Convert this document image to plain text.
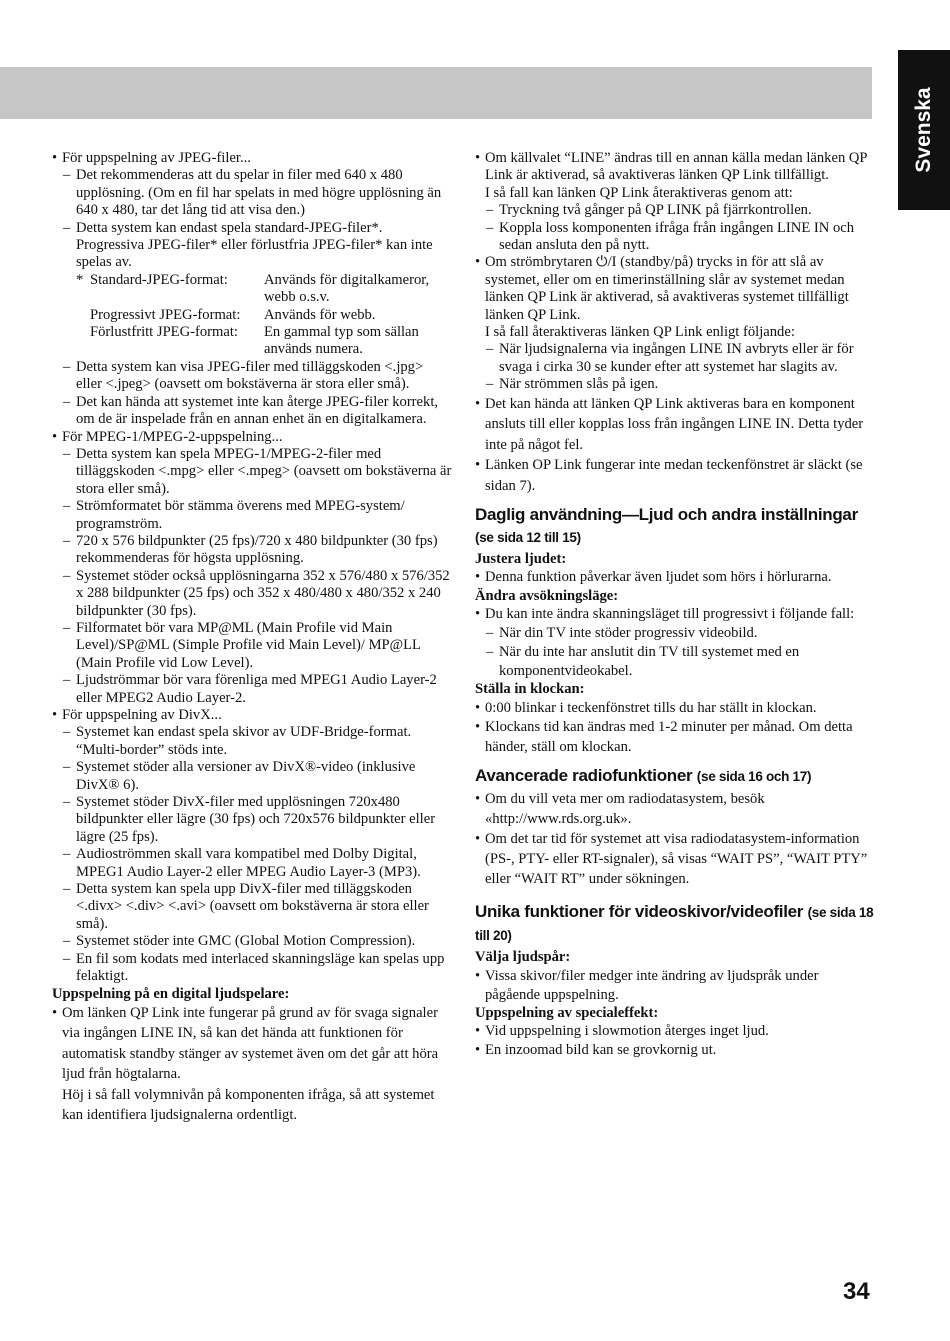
Svenska

• För uppspelning av JPEG-filer...

– Det rekommenderas att du spelar in filer med 640 x 480 upplösning. (Om en fil har spelats in med högre upplösning än 640 x 480, tar det lång tid att visa den.)

– Detta system kan endast spela standard-JPEG-filer*. Progressiva JPEG-filer* eller förlustfria JPEG-filer* kan inte spelas av.

* Standard-JPEG-format:	Används för digitalkameror, webb o.s.v.
Progressivt JPEG-format:	Används för webb.
Förlustfritt JPEG-format:	En gammal typ som sällan används numera.

– Detta system kan visa JPEG-filer med tilläggskoden <.jpg> eller <.jpeg> (oavsett om bokstäverna är stora eller små).

– Det kan hända att systemet inte kan återge JPEG-filer korrekt, om de är inspelade från en annan enhet än en digitalkamera.

• För MPEG-1/MPEG-2-uppspelning...

– Detta system kan spela MPEG-1/MPEG-2-filer med tilläggskoden <.mpg> eller <.mpeg> (oavsett om bokstäverna är stora eller små).

– Strömformatet bör stämma överens med MPEG-system/ programström.

– 720 x 576 bildpunkter (25 fps)/720 x 480 bildpunkter (30 fps) rekommenderas för högsta upplösning.

– Systemet stöder också upplösningarna 352 x 576/480 x 576/352 x 288 bildpunkter (25 fps) och 352 x 480/480 x 480/352 x 240 bildpunkter (30 fps).

– Filformatet bör vara MP@ML (Main Profile vid Main Level)/SP@ML (Simple Profile vid Main Level)/ MP@LL (Main Profile vid Low Level).

– Ljudströmmar bör vara förenliga med MPEG1 Audio Layer-2 eller MPEG2 Audio Layer-2.

• För uppspelning av DivX...

– Systemet kan endast spela skivor av UDF-Bridge-format. “Multi-border” stöds inte.

– Systemet stöder alla versioner av DivX®-video (inklusive DivX® 6).

– Systemet stöder DivX-filer med upplösningen 720x480 bildpunkter eller lägre (30 fps) och 720x576 bildpunkter eller lägre (25 fps).

– Audioströmmen skall vara kompatibel med Dolby Digital, MPEG1 Audio Layer-2 eller MPEG Audio Layer-3 (MP3).

– Detta system kan spela upp DivX-filer med tilläggskoden <.divx> <.div> <.avi> (oavsett om bokstäverna är stora eller små).

– Systemet stöder inte GMC (Global Motion Compression).

– En fil som kodats med interlaced skanningsläge kan spelas upp felaktigt.

Uppspelning på en digital ljudspelare:

• Om länken QP Link inte fungerar på grund av för svaga signaler via ingången LINE IN, så kan det hända att funktionen för automatisk standby stänger av systemet även om det går att höra ljud från högtalarna.

Höj i så fall volymnivån på komponenten ifråga, så att systemet kan identifiera ljudsignalerna ordentligt.

• Om källvalet “LINE” ändras till en annan källa medan länken QP Link är aktiverad, så avaktiveras länken QP Link tillfälligt.

I så fall kan länken QP Link återaktiveras genom att:

– Tryckning två gånger på QP LINK på fjärrkontrollen.

– Koppla loss komponenten ifråga från ingången LINE IN och sedan ansluta den på nytt.

• Om strömbrytaren ⏻/I (standby/på) trycks in för att slå av systemet, eller om en timerinställning slår av systemet medan länken QP Link är aktiverad, så avaktiveras systemet tillfälligt länken QP Link.

I så fall återaktiveras länken QP Link enligt följande:

– När ljudsignalerna via ingången LINE IN avbryts eller är för svaga i cirka 30 se kunder efter att systemet har slagits av.

– När strömmen slås på igen.

• Det kan hända att länken QP Link aktiveras bara en komponent ansluts till eller kopplas loss från ingången LINE IN. Detta tyder inte på något fel.

• Länken OP Link fungerar inte medan teckenfönstret är släckt (se sidan 7).

Daglig användning—Ljud och andra inställningar (se sida 12 till 15)

Justera ljudet:

• Denna funktion påverkar även ljudet som hörs i hörlurarna.

Ändra avsökningsläge:

• Du kan inte ändra skanningsläget till progressivt i följande fall:

– När din TV inte stöder progressiv videobild.

– När du inte har anslutit din TV till systemet med en komponentvideokabel.

Ställa in klockan:

• 0:00 blinkar i teckenfönstret tills du har ställt in klockan.

• Klockans tid kan ändras med 1-2 minuter per månad. Om detta händer, ställ om klockan.

Avancerade radiofunktioner (se sida 16 och 17)

• Om du vill veta mer om radiodatasystem, besök «http://www.rds.org.uk».

• Om det tar tid för systemet att visa radiodatasystem-information (PS-, PTY- eller RT-signaler), så visas “WAIT PS”, “WAIT PTY” eller “WAIT RT” under sökningen.

Unika funktioner för videoskivor/videofiler (se sida 18 till 20)

Välja ljudspår:

• Vissa skivor/filer medger inte ändring av ljudspråk under pågående uppspelning.

Uppspelning av specialeffekt:

• Vid uppspelning i slowmotion återges inget ljud.

• En inzoomad bild kan se grovkornig ut.

34
